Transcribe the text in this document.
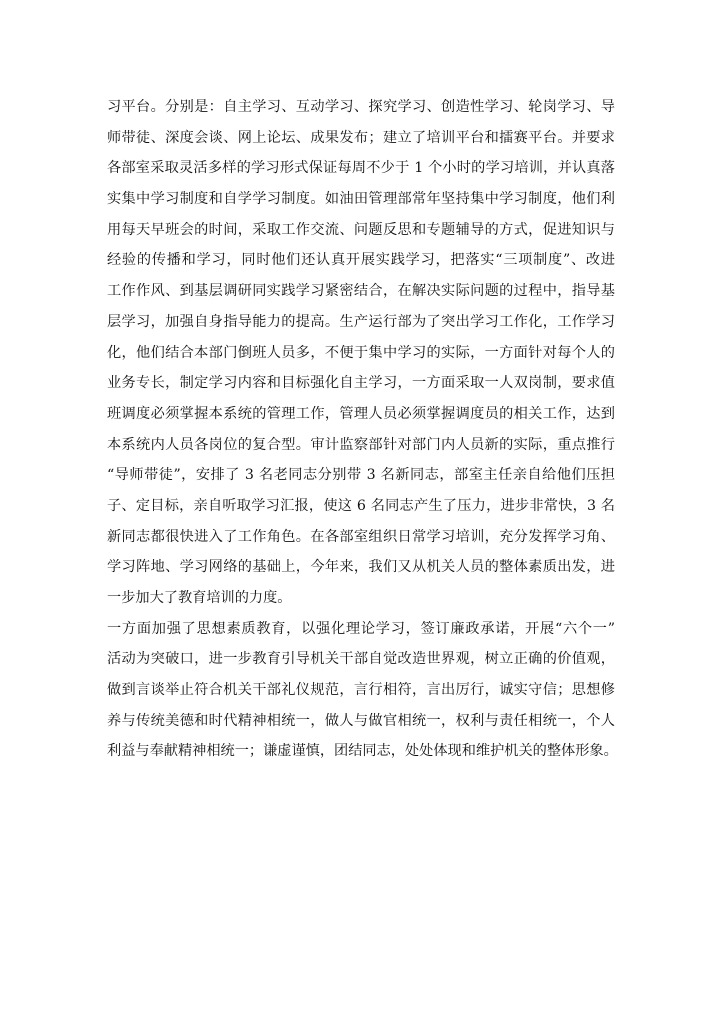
习平台。分别是：自主学习、互动学习、探究学习、创造性学习、轮岗学习、导
师带徒、深度会谈、网上论坛、成果发布；建立了培训平台和擂赛平台。并要求
各部室采取灵活多样的学习形式保证每周不少于 1 个小时的学习培训，并认真落
实集中学习制度和自学学习制度。如油田管理部常年坚持集中学习制度，他们利
用每天早班会的时间，采取工作交流、问题反思和专题辅导的方式，促进知识与
经验的传播和学习，同时他们还认真开展实践学习，把落实“三项制度”、改进
工作作风、到基层调研同实践学习紧密结合，在解决实际问题的过程中，指导基
层学习，加强自身指导能力的提高。生产运行部为了突出学习工作化，工作学习
化，他们结合本部门倒班人员多，不便于集中学习的实际，一方面针对每个人的
业务专长，制定学习内容和目标强化自主学习，一方面采取一人双岗制，要求值
班调度必须掌握本系统的管理工作，管理人员必须掌握调度员的相关工作，达到
本系统内人员各岗位的复合型。审计监察部针对部门内人员新的实际，重点推行
“导师带徒”，安排了 3 名老同志分别带 3 名新同志，部室主任亲自给他们压担
子、定目标，亲自听取学习汇报，使这 6 名同志产生了压力，进步非常快，3 名
新同志都很快进入了工作角色。在各部室组织日常学习培训，充分发挥学习角、
学习阵地、学习网络的基础上，今年来，我们又从机关人员的整体素质出发，进
一步加大了教育培训的力度。
一方面加强了思想素质教育，以强化理论学习，签订廉政承诺，开展“六个一”
活动为突破口，进一步教育引导机关干部自觉改造世界观，树立正确的价值观，
做到言谈举止符合机关干部礼仪规范，言行相符，言出厉行，诚实守信；思想修
养与传统美德和时代精神相统一，做人与做官相统一，权利与责任相统一，个人
利益与奉献精神相统一；谦虚谨慎，团结同志，处处体现和维护机关的整体形象。
